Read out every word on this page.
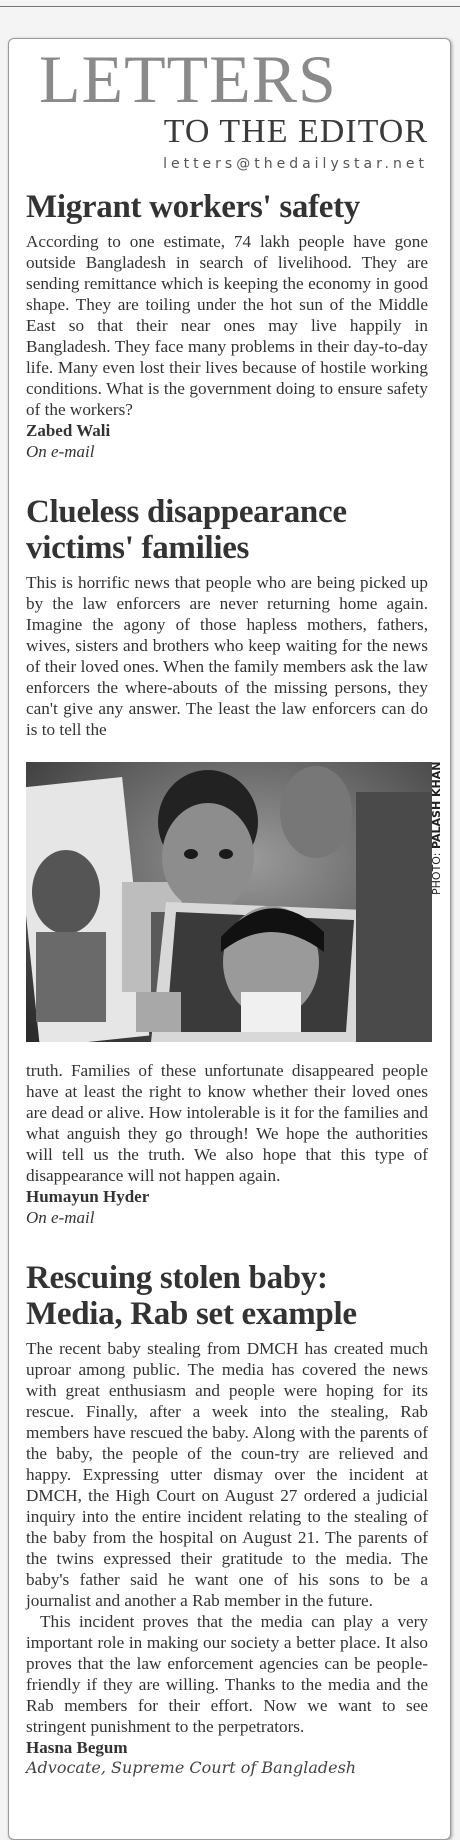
LETTERS
TO THE EDITOR
letters@thedailystar.net
Migrant workers' safety

According to one estimate, 74 lakh people have gone outside Bangladesh in search of livelihood. They are sending remittance which is keeping the economy in good shape. They are toiling under the hot sun of the Middle East so that their near ones may live happily in Bangladesh. They face many problems in their day-to-day life. Many even lost their lives because of hostile working conditions. What is the government doing to ensure safety of the workers?

Zabed Wali
On e-mail
Clueless disappearance victims' families

This is horrific news that people who are being picked up by the law enforcers are never returning home again. Imagine the agony of those hapless mothers, fathers, wives, sisters and brothers who keep waiting for the news of their loved ones. When the family members ask the law enforcers the where-abouts of the missing persons, they can't give any answer. The least the law enforcers can do is to tell the

PHOTO: PALASH KHAN

truth. Families of these unfortunate disappeared people have at least the right to know whether their loved ones are dead or alive. How intolerable is it for the families and what anguish they go through! We hope the authorities will tell us the truth. We also hope that this type of disappearance will not happen again.

Humayun Hyder
On e-mail
Rescuing stolen baby: Media, Rab set example

The recent baby stealing from DMCH has created much uproar among public. The media has covered the news with great enthusiasm and people were hoping for its rescue. Finally, after a week into the stealing, Rab members have rescued the baby. Along with the parents of the baby, the people of the coun-try are relieved and happy. Expressing utter dismay over the incident at DMCH, the High Court on August 27 ordered a judicial inquiry into the entire incident relating to the stealing of the baby from the hospital on August 21. The parents of the twins expressed their gratitude to the media. The baby's father said he want one of his sons to be a journalist and another a Rab member in the future.

This incident proves that the media can play a very important role in making our society a better place. It also proves that the law enforcement agencies can be people-friendly if they are willing. Thanks to the media and the Rab members for their effort. Now we want to see stringent punishment to the perpetrators.

Hasna Begum
Advocate, Supreme Court of Bangladesh
